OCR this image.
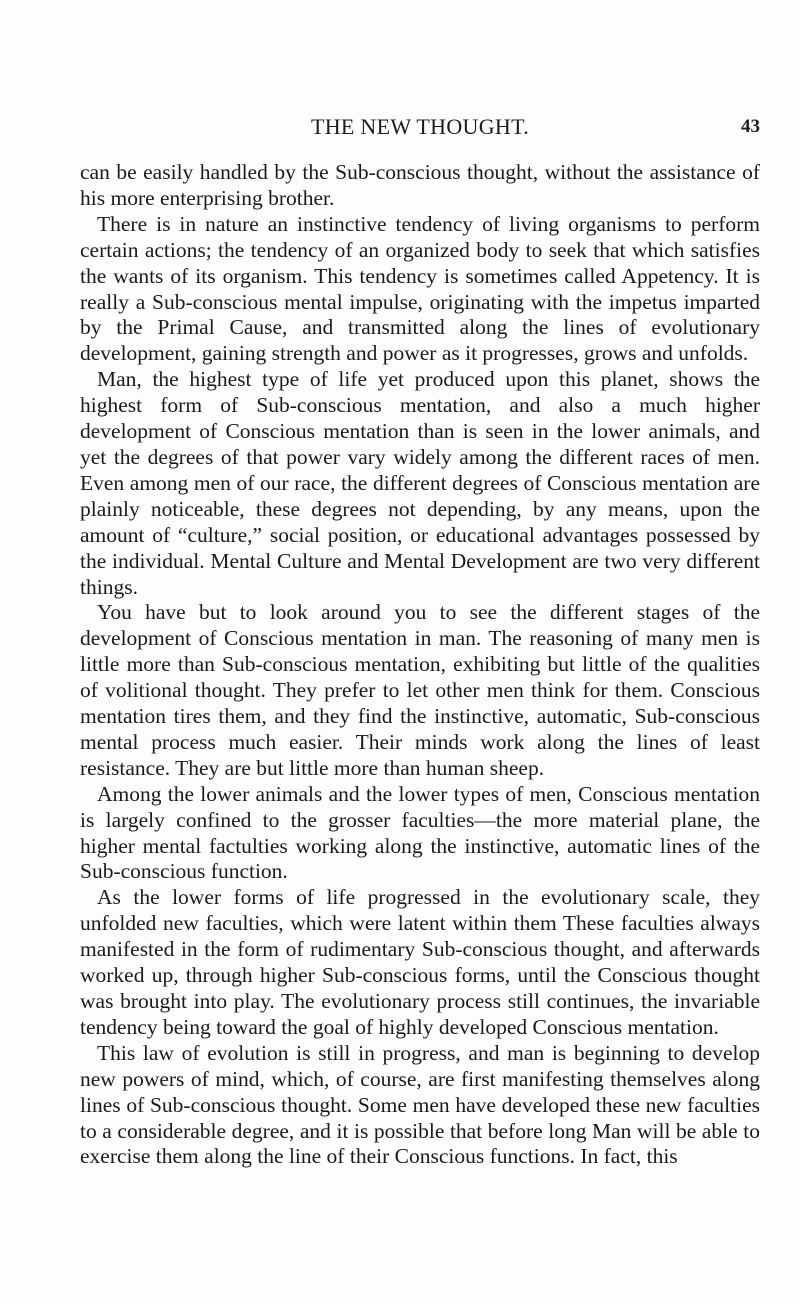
THE NEW THOUGHT.	43

can be easily handled by the Sub-conscious thought, without the assistance of his more enterprising brother.

There is in nature an instinctive tendency of living organisms to perform certain actions; the tendency of an organized body to seek that which satisfies the wants of its organism. This tendency is sometimes called Appetency. It is really a Sub-conscious mental impulse, originating with the impetus imparted by the Primal Cause, and transmitted along the lines of evolutionary development, gaining strength and power as it progresses, grows and unfolds.

Man, the highest type of life yet produced upon this planet, shows the highest form of Sub-conscious mentation, and also a much higher development of Conscious mentation than is seen in the lower animals, and yet the degrees of that power vary widely among the different races of men. Even among men of our race, the different degrees of Conscious mentation are plainly noticeable, these degrees not depending, by any means, upon the amount of “culture,” social position, or educational advantages possessed by the individual. Mental Culture and Mental Development are two very different things.

You have but to look around you to see the different stages of the development of Conscious mentation in man. The reasoning of many men is little more than Sub-conscious mentation, exhibiting but little of the qualities of volitional thought. They prefer to let other men think for them. Conscious mentation tires them, and they find the instinctive, automatic, Sub-conscious mental process much easier. Their minds work along the lines of least resistance. They are but little more than human sheep.

Among the lower animals and the lower types of men, Conscious mentation is largely confined to the grosser faculties—the more material plane, the higher mental factulties working along the instinctive, automatic lines of the Sub-conscious function.

As the lower forms of life progressed in the evolutionary scale, they unfolded new faculties, which were latent within them These faculties always manifested in the form of rudimentary Sub-conscious thought, and afterwards worked up, through higher Sub-conscious forms, until the Conscious thought was brought into play. The evolutionary process still continues, the invariable tendency being toward the goal of highly developed Conscious mentation.

This law of evolution is still in progress, and man is beginning to develop new powers of mind, which, of course, are first manifesting themselves along lines of Sub-conscious thought. Some men have developed these new faculties to a considerable degree, and it is possible that before long Man will be able to exercise them along the line of their Conscious functions. In fact, this
